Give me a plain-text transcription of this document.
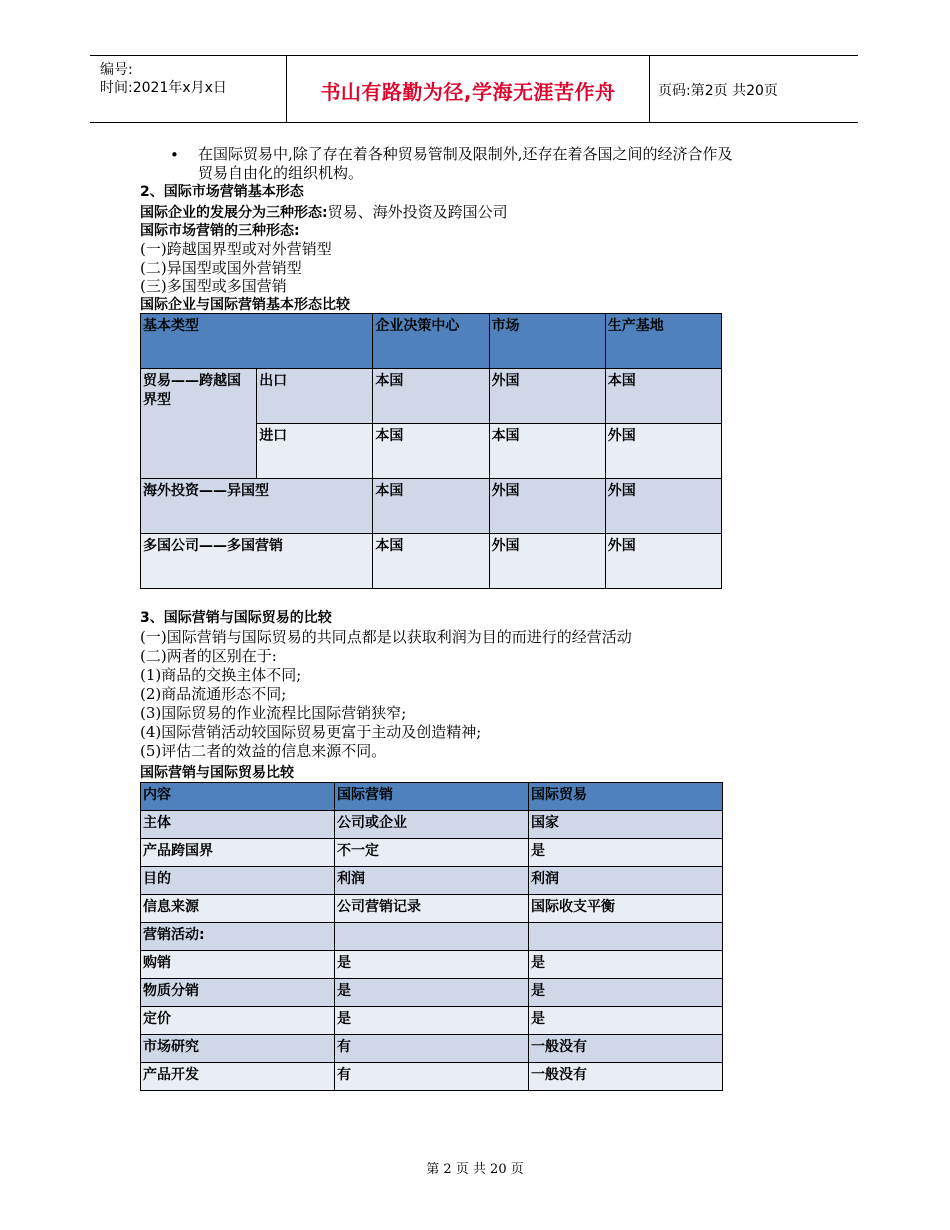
编号:
时间:2021年x月x日	书山有路勤为径,学海无涯苦作舟	页码:第2页 共20页
• 在国际贸易中,除了存在着各种贸易管制及限制外,还存在着各国之间的经济合作及
贸易自由化的组织机构。
2、国际市场营销基本形态
国际企业的发展分为三种形态:贸易、海外投资及跨国公司
国际市场营销的三种形态:
(一)跨越国界型或对外营销型
(二)异国型或国外营销型
(三)多国型或多国营销
国际企业与国际营销基本形态比较
基本类型		企业决策中心	市场	生产基地
贸易——跨越国界型	出口	本国	外国	本国
	进口	本国	本国	外国
海外投资——异国型		本国	外国	外国
多国公司——多国营销		本国	外国	外国
3、国际营销与国际贸易的比较
(一)国际营销与国际贸易的共同点都是以获取利润为目的而进行的经营活动
(二)两者的区别在于:
(1)商品的交换主体不同;
(2)商品流通形态不同;
(3)国际贸易的作业流程比国际营销狭窄;
(4)国际营销活动较国际贸易更富于主动及创造精神;
(5)评估二者的效益的信息来源不同。
国际营销与国际贸易比较
内容	国际营销	国际贸易
主体	公司或企业	国家
产品跨国界	不一定	是
目的	利润	利润
信息来源	公司营销记录	国际收支平衡
营销活动:		
购销	是	是
物质分销	是	是
定价	是	是
市场研究	有	一般没有
产品开发	有	一般没有
第 2 页 共 20 页
